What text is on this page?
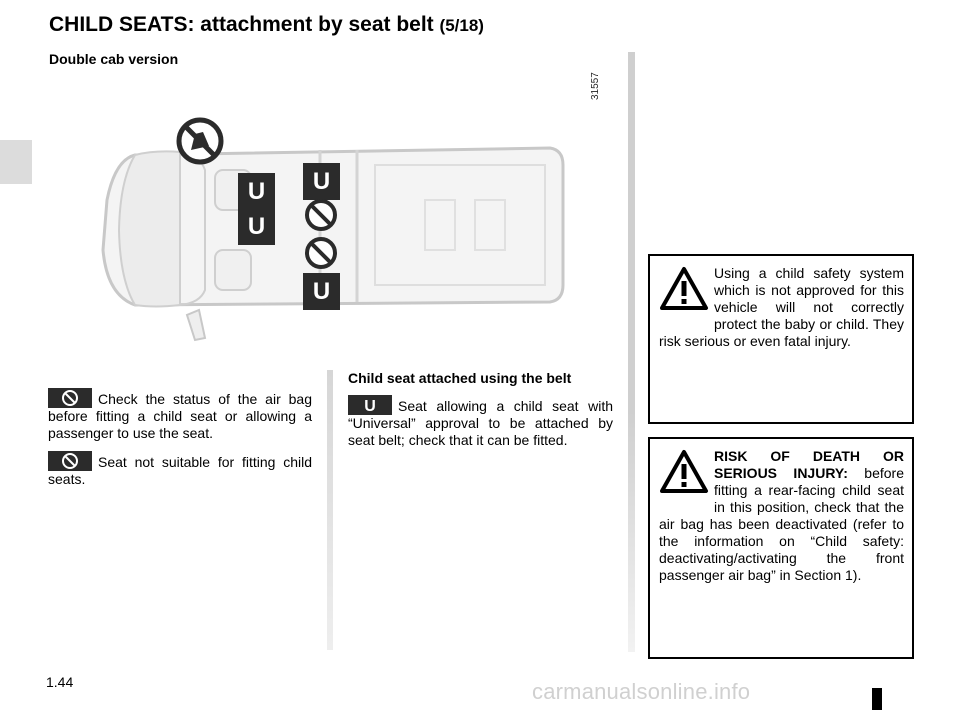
CHILD SEATS: attachment by seat belt (5/18)
Double cab version
31557
U
U
U
U

Check the status of the air bag before fitting a child seat or allowing a passenger to use the seat.

Seat not suitable for fitting child seats.

Child seat attached using the belt

U Seat allowing a child seat with “Universal” approval to be attached by seat belt; check that it can be fitted.

Using a child safety system which is not approved for this vehicle will not correctly protect the baby or child. They risk serious or even fatal injury.
RISK OF DEATH OR SERIOUS INJURY: before fitting a rear-facing child seat in this position, check that the air bag has been deactivated (refer to the information on “Child safety: deactivating/activating the front passenger air bag” in Section 1).
1.44	carmanualsonline.info
